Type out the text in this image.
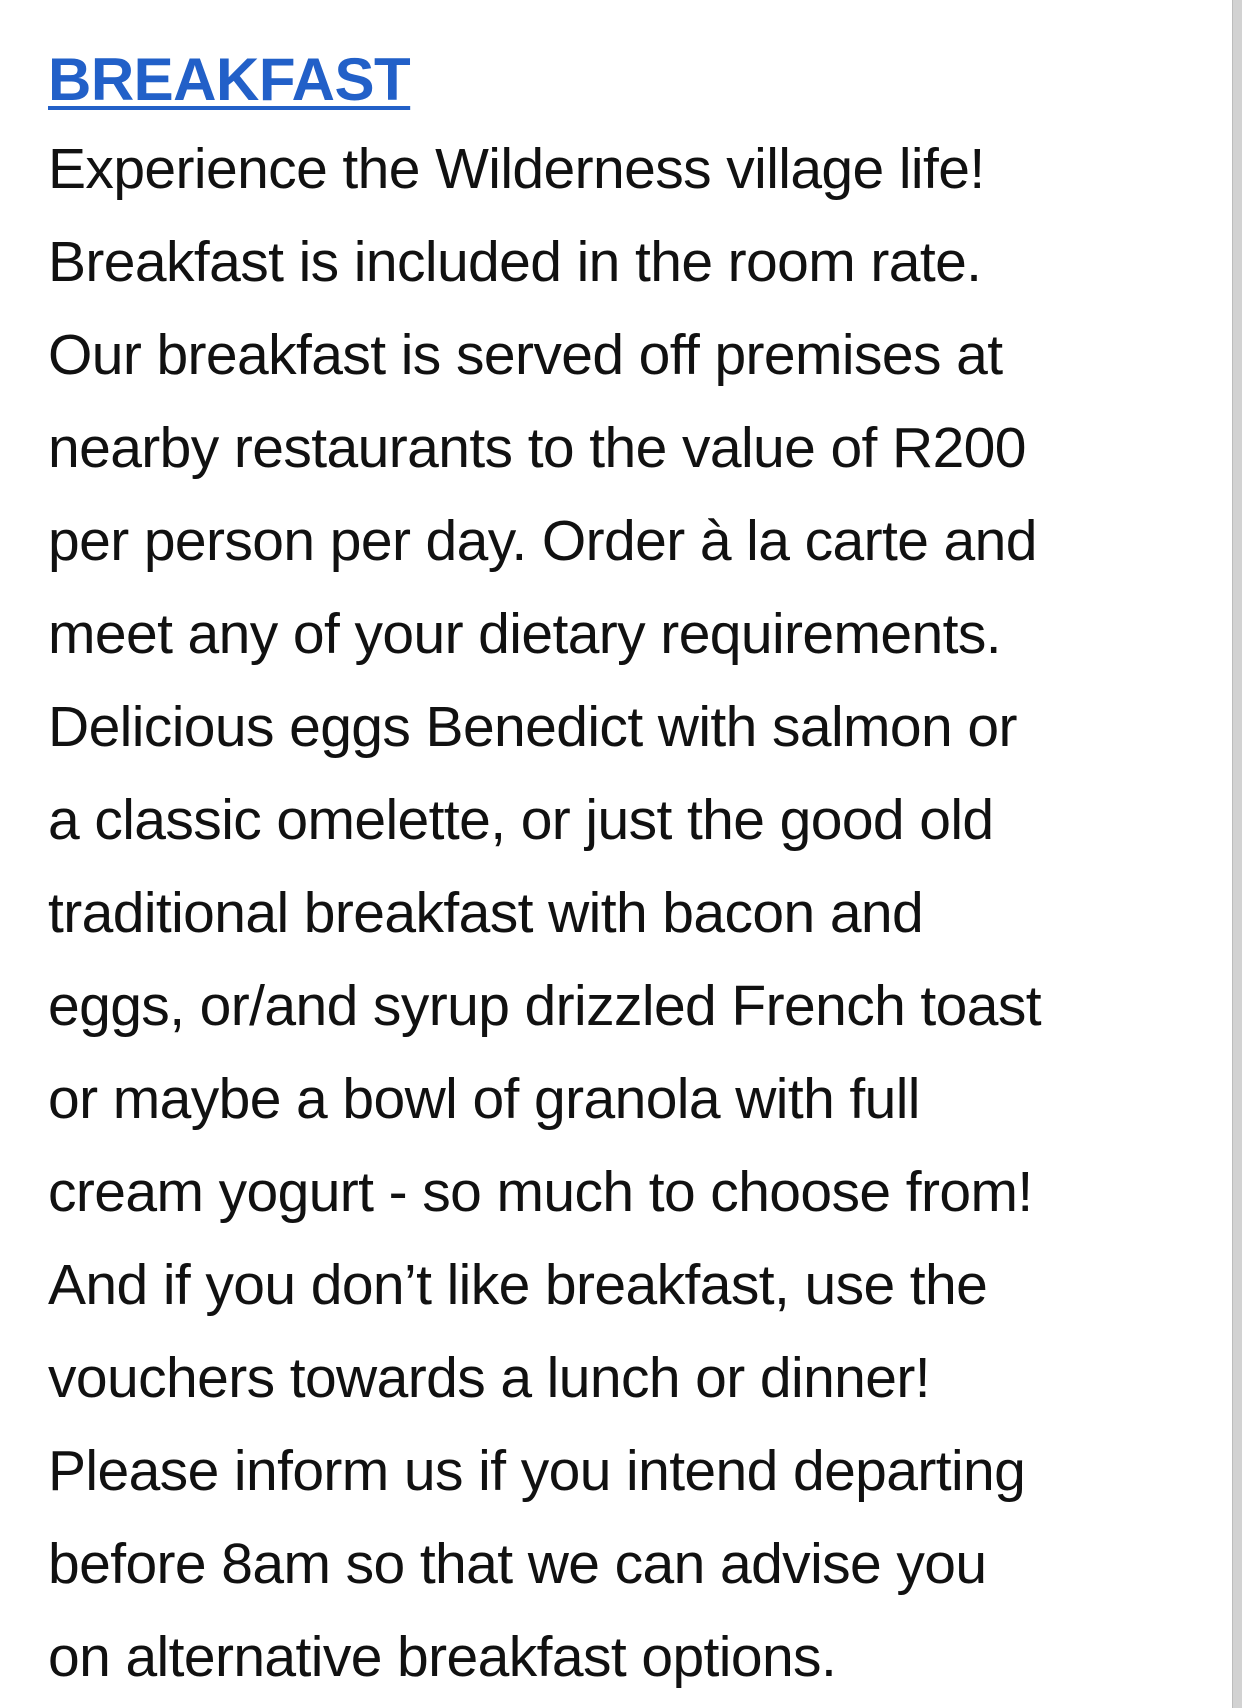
BREAKFAST
Experience the Wilderness village life!
Breakfast is included in the room rate.
Our breakfast is served off premises at
nearby restaurants to the value of R200
per person per day. Order à la carte and
meet any of your dietary requirements.
Delicious eggs Benedict with salmon or
a classic omelette, or just the good old
traditional breakfast with bacon and
eggs, or/and syrup drizzled French toast
or maybe a bowl of granola with full
cream yogurt - so much to choose from!
And if you don’t like breakfast, use the
vouchers towards a lunch or dinner!
Please inform us if you intend departing
before 8am so that we can advise you
on alternative breakfast options.
